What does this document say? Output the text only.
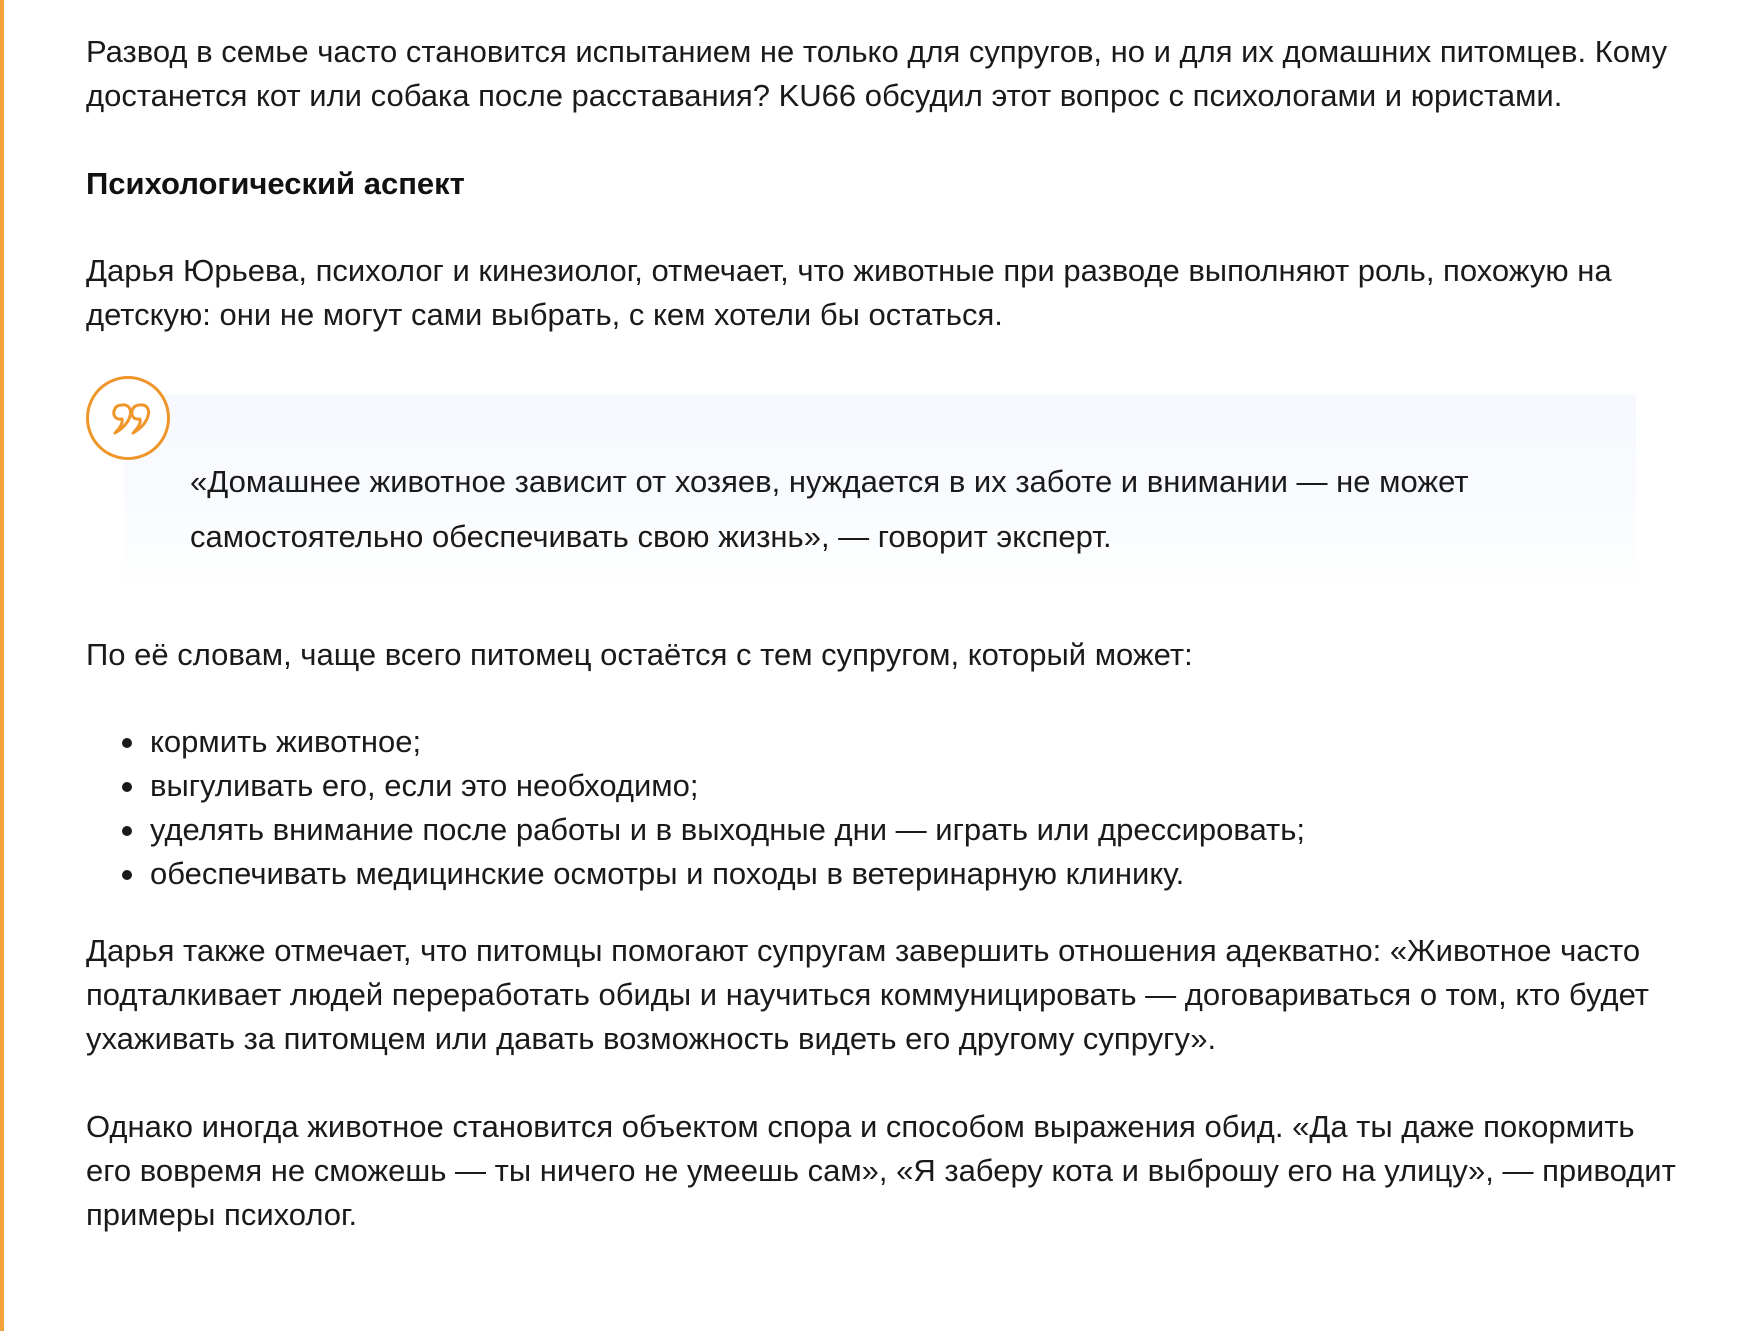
Развод в семье часто становится испытанием не только для супругов, но и для их домашних питомцев. Кому достанется кот или собака после расставания? KU66 обсудил этот вопрос с психологами и юристами.

Психологический аспект

Дарья Юрьева, психолог и кинезиолог, отмечает, что животные при разводе выполняют роль, похожую на детскую: они не могут сами выбрать, с кем хотели бы остаться.

«Домашнее животное зависит от хозяев, нуждается в их заботе и внимании — не может самостоятельно обеспечивать свою жизнь», — говорит эксперт.

По её словам, чаще всего питомец остаётся с тем супругом, который может:

кормить животное;
выгуливать его, если это необходимо;
уделять внимание после работы и в выходные дни — играть или дрессировать;
обеспечивать медицинские осмотры и походы в ветеринарную клинику.

Дарья также отмечает, что питомцы помогают супругам завершить отношения адекватно: «Животное часто подталкивает людей переработать обиды и научиться коммуницировать — договариваться о том, кто будет ухаживать за питомцем или давать возможность видеть его другому супругу».

Однако иногда животное становится объектом спора и способом выражения обид. «Да ты даже покормить его вовремя не сможешь — ты ничего не умеешь сам», «Я заберу кота и выброшу его на улицу», — приводит примеры психолог.
